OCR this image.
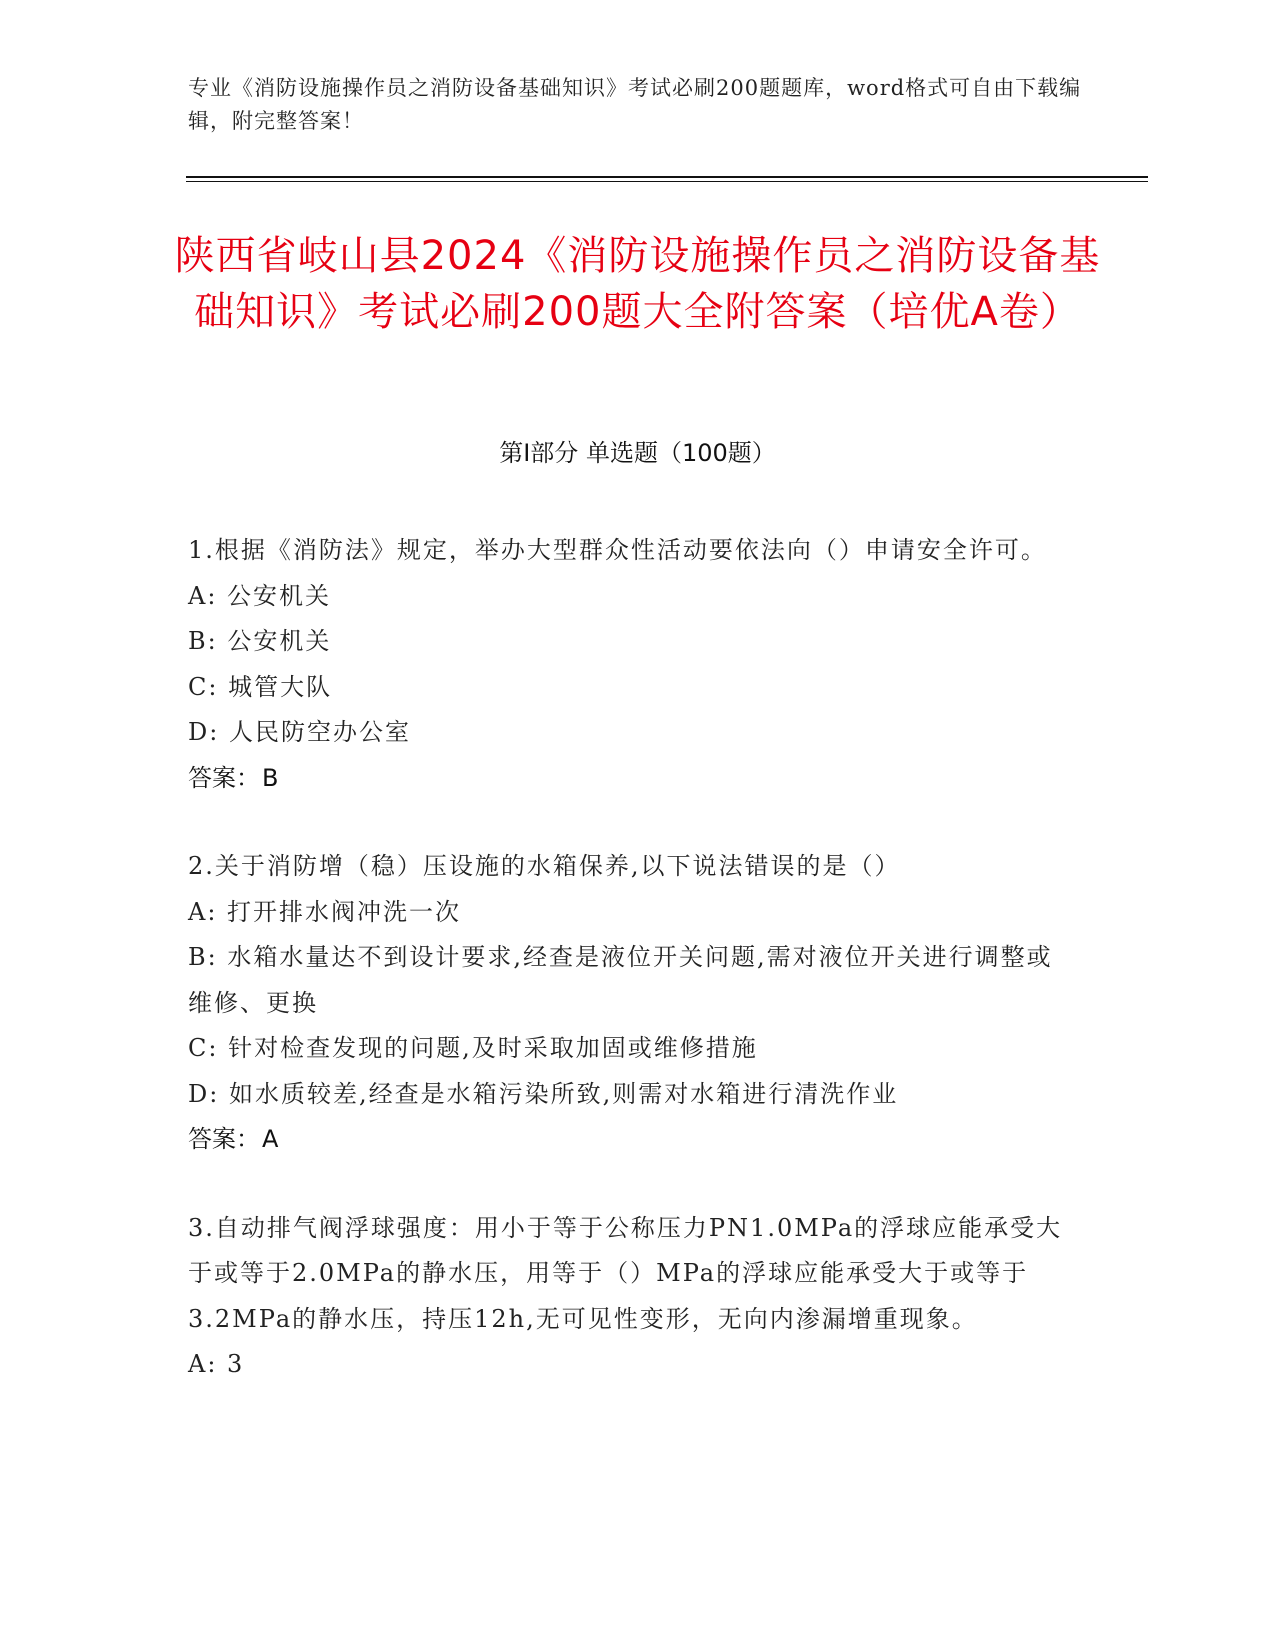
专业《消防设施操作员之消防设备基础知识》考试必刷200题题库，word格式可自由下载编辑，附完整答案！
陕西省岐山县2024《消防设施操作员之消防设备基础知识》考试必刷200题大全附答案（培优A卷）
第I部分 单选题（100题）
1.根据《消防法》规定，举办大型群众性活动要依法向（）申请安全许可。
A: 公安机关
B: 公安机关
C: 城管大队
D: 人民防空办公室
答案：B
2.关于消防增（稳）压设施的水箱保养,以下说法错误的是（）
A: 打开排水阀冲洗一次
B: 水箱水量达不到设计要求,经查是液位开关问题,需对液位开关进行调整或维修、更换
C: 针对检查发现的问题,及时采取加固或维修措施
D: 如水质较差,经查是水箱污染所致,则需对水箱进行清洗作业
答案：A
3.自动排气阀浮球强度：用小于等于公称压力PN1.0MPa的浮球应能承受大于或等于2.0MPa的静水压，用等于（）MPa的浮球应能承受大于或等于3.2MPa的静水压，持压12h,无可见性变形，无向内渗漏增重现象。
A: 3
